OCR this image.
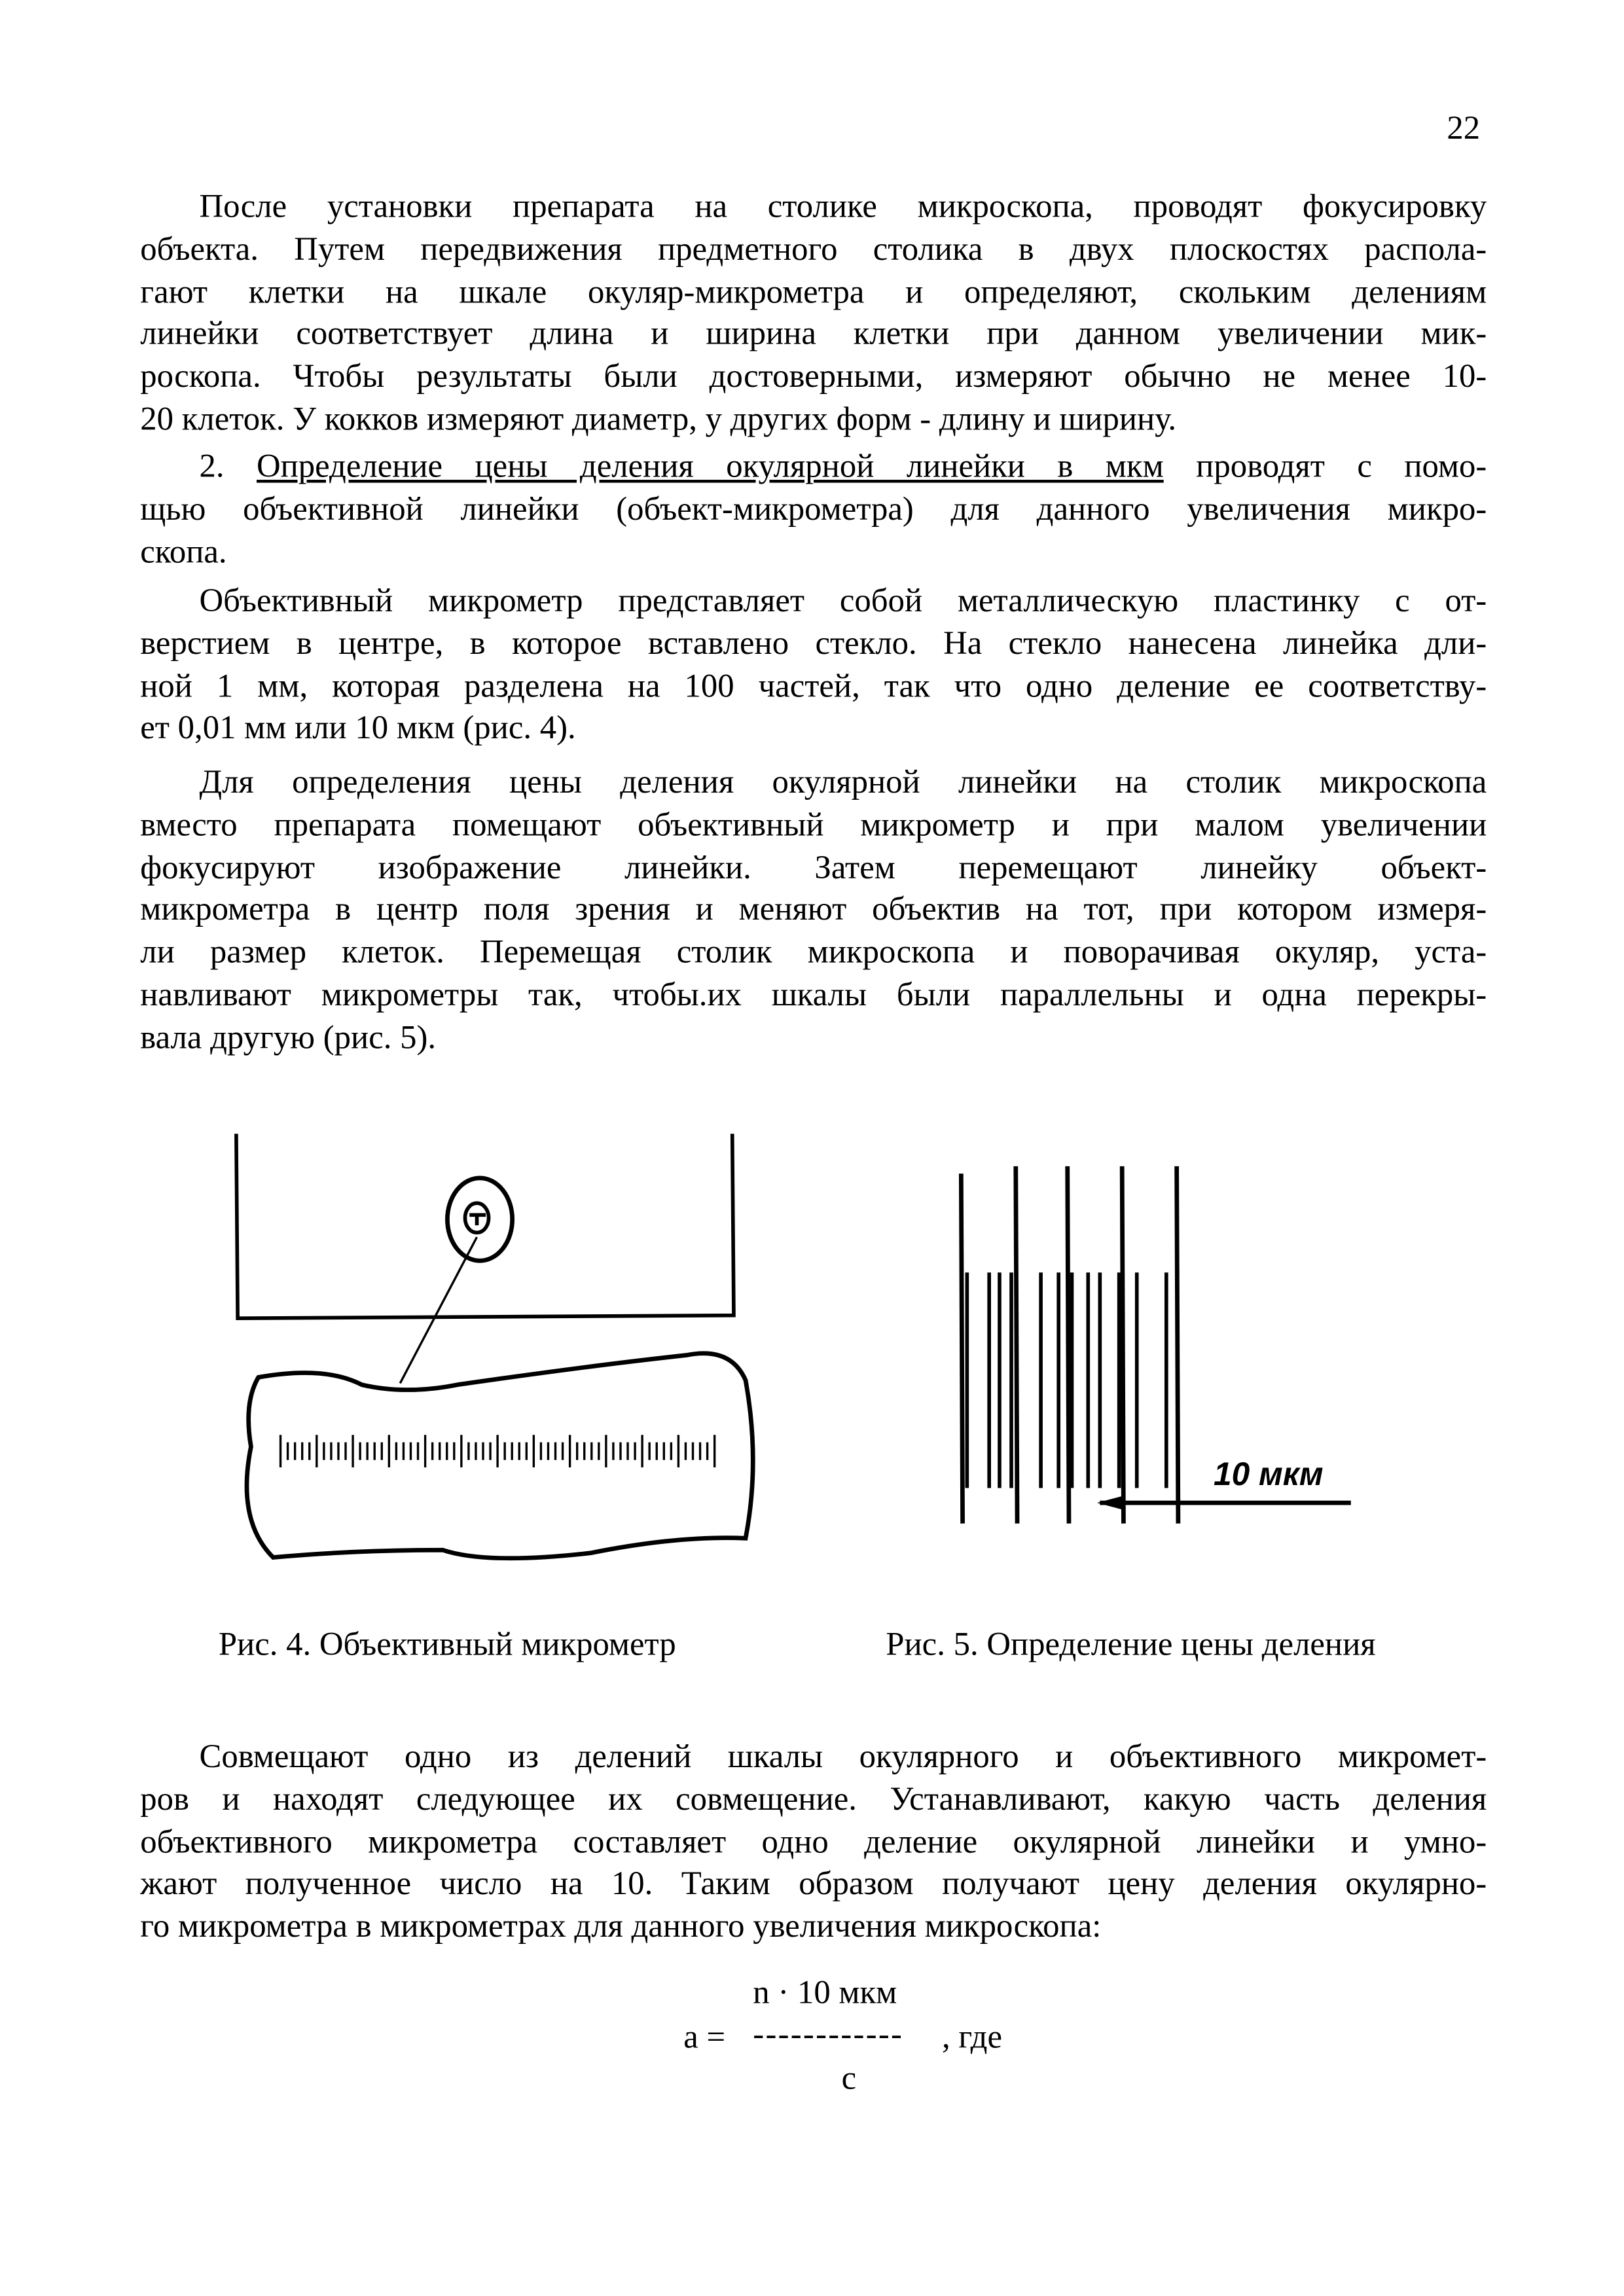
22
После установки препарата на столике микроскопа, проводят фокусировку
объекта. Путем передвижения предметного столика в двух плоскостях распола-
гают клетки на шкале окуляр-микрометра и определяют, скольким делениям
линейки соответствует длина и ширина клетки при данном увеличении мик-
роскопа. Чтобы результаты были достоверными, измеряют обычно не менее 10-
20 клеток. У кокков измеряют диаметр, у других форм - длину и ширину.
2. Определение цены деления окулярной линейки в мкм проводят с помо-
щью объективной линейки (объект-микрометра) для данного увеличения микро-
скопа.
Объективный микрометр представляет собой металлическую пластинку с от-
верстием в центре, в которое вставлено стекло. На стекло нанесена линейка дли-
ной 1 мм, которая разделена на 100 частей, так что одно деление ее соответству-
ет 0,01 мм или 10 мкм (рис. 4).
Для определения цены деления окулярной линейки на столик микроскопа
вместо препарата помещают объективный микрометр и при малом увеличении
фокусируют изображение линейки. Затем перемещают линейку объект-
микрометра в центр поля зрения и меняют объектив на тот, при котором измеря-
ли размер клеток. Перемещая столик микроскопа и поворачивая окуляр, уста-
навливают микрометры так, чтобы.их шкалы были параллельны и одна перекры-
вала другую (рис. 5).
10 мкм
Рис. 4. Объективный микрометр	Рис. 5. Определение цены деления
Совмещают одно из делений шкалы окулярного и объективного микромет-
ров и находят следующее их совмещение. Устанавливают, какую часть деления
объективного микрометра составляет одно деление окулярной линейки и умно-
жают полученное число на 10. Таким образом получают цену деления окулярно-
го микрометра в микрометрах для данного увеличения микроскопа:
n · 10 мкм
a = ------------	, где
c
